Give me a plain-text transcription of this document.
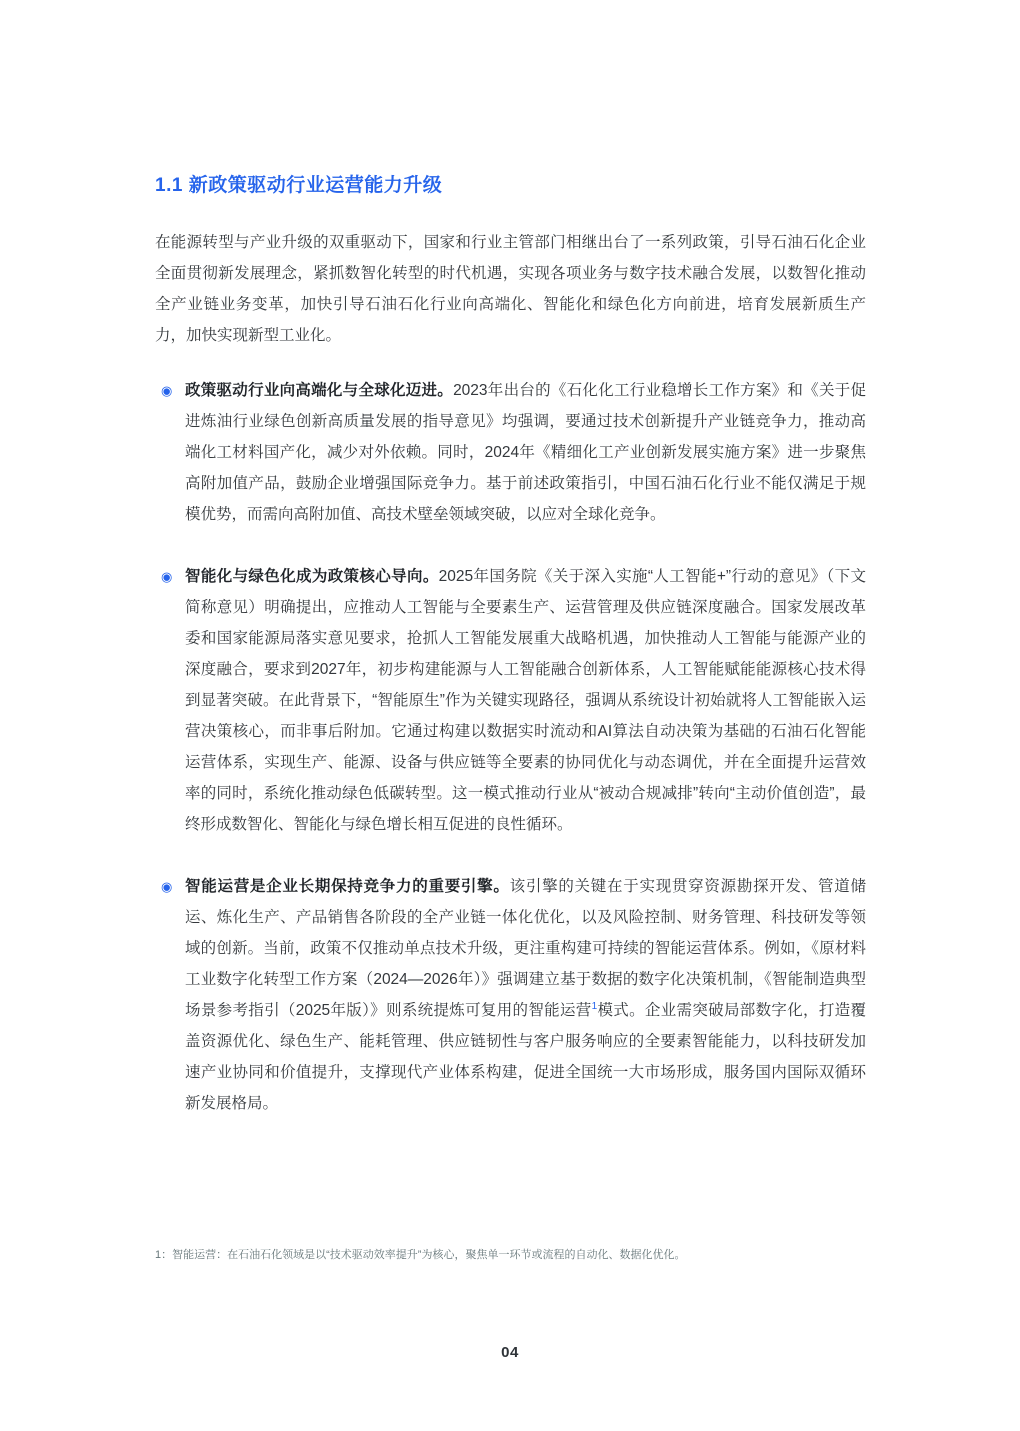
1.1 新政策驱动行业运营能力升级

在能源转型与产业升级的双重驱动下，国家和行业主管部门相继出台了一系列政策，引导石油石化企业全面贯彻新发展理念，紧抓数智化转型的时代机遇，实现各项业务与数字技术融合发展，以数智化推动全产业链业务变革，加快引导石油石化行业向高端化、智能化和绿色化方向前进，培育发展新质生产力，加快实现新型工业化。

◉ 政策驱动行业向高端化与全球化迈进。2023年出台的《石化化工行业稳增长工作方案》和《关于促进炼油行业绿色创新高质量发展的指导意见》均强调，要通过技术创新提升产业链竞争力，推动高端化工材料国产化，减少对外依赖。同时，2024年《精细化工产业创新发展实施方案》进一步聚焦高附加值产品，鼓励企业增强国际竞争力。基于前述政策指引，中国石油石化行业不能仅满足于规模优势，而需向高附加值、高技术壁垒领域突破，以应对全球化竞争。

◉ 智能化与绿色化成为政策核心导向。2025年国务院《关于深入实施“人工智能+”行动的意见》（下文简称意见）明确提出，应推动人工智能与全要素生产、运营管理及供应链深度融合。国家发展改革委和国家能源局落实意见要求，抢抓人工智能发展重大战略机遇，加快推动人工智能与能源产业的深度融合，要求到2027年，初步构建能源与人工智能融合创新体系，人工智能赋能能源核心技术得到显著突破。在此背景下，“智能原生”作为关键实现路径，强调从系统设计初始就将人工智能嵌入运营决策核心，而非事后附加。它通过构建以数据实时流动和AI算法自动决策为基础的石油石化智能运营体系，实现生产、能源、设备与供应链等全要素的协同优化与动态调优，并在全面提升运营效率的同时，系统化推动绿色低碳转型。这一模式推动行业从“被动合规减排”转向“主动价值创造”，最终形成数智化、智能化与绿色增长相互促进的良性循环。

◉ 智能运营是企业长期保持竞争力的重要引擎。该引擎的关键在于实现贯穿资源勘探开发、管道储运、炼化生产、产品销售各阶段的全产业链一体化优化，以及风险控制、财务管理、科技研发等领域的创新。当前，政策不仅推动单点技术升级，更注重构建可持续的智能运营体系。例如，《原材料工业数字化转型工作方案（2024—2026年）》强调建立基于数据的数字化决策机制，《智能制造典型场景参考指引（2025年版）》则系统提炼可复用的智能运营$^1$模式。企业需突破局部数字化，打造覆盖资源优化、绿色生产、能耗管理、供应链韧性与客户服务响应的全要素智能能力，以科技研发加速产业协同和价值提升，支撑现代产业体系构建，促进全国统一大市场形成，服务国内国际双循环新发展格局。

1：智能运营：在石油石化领域是以“技术驱动效率提升”为核心，聚焦单一环节或流程的自动化、数据化优化。

04
